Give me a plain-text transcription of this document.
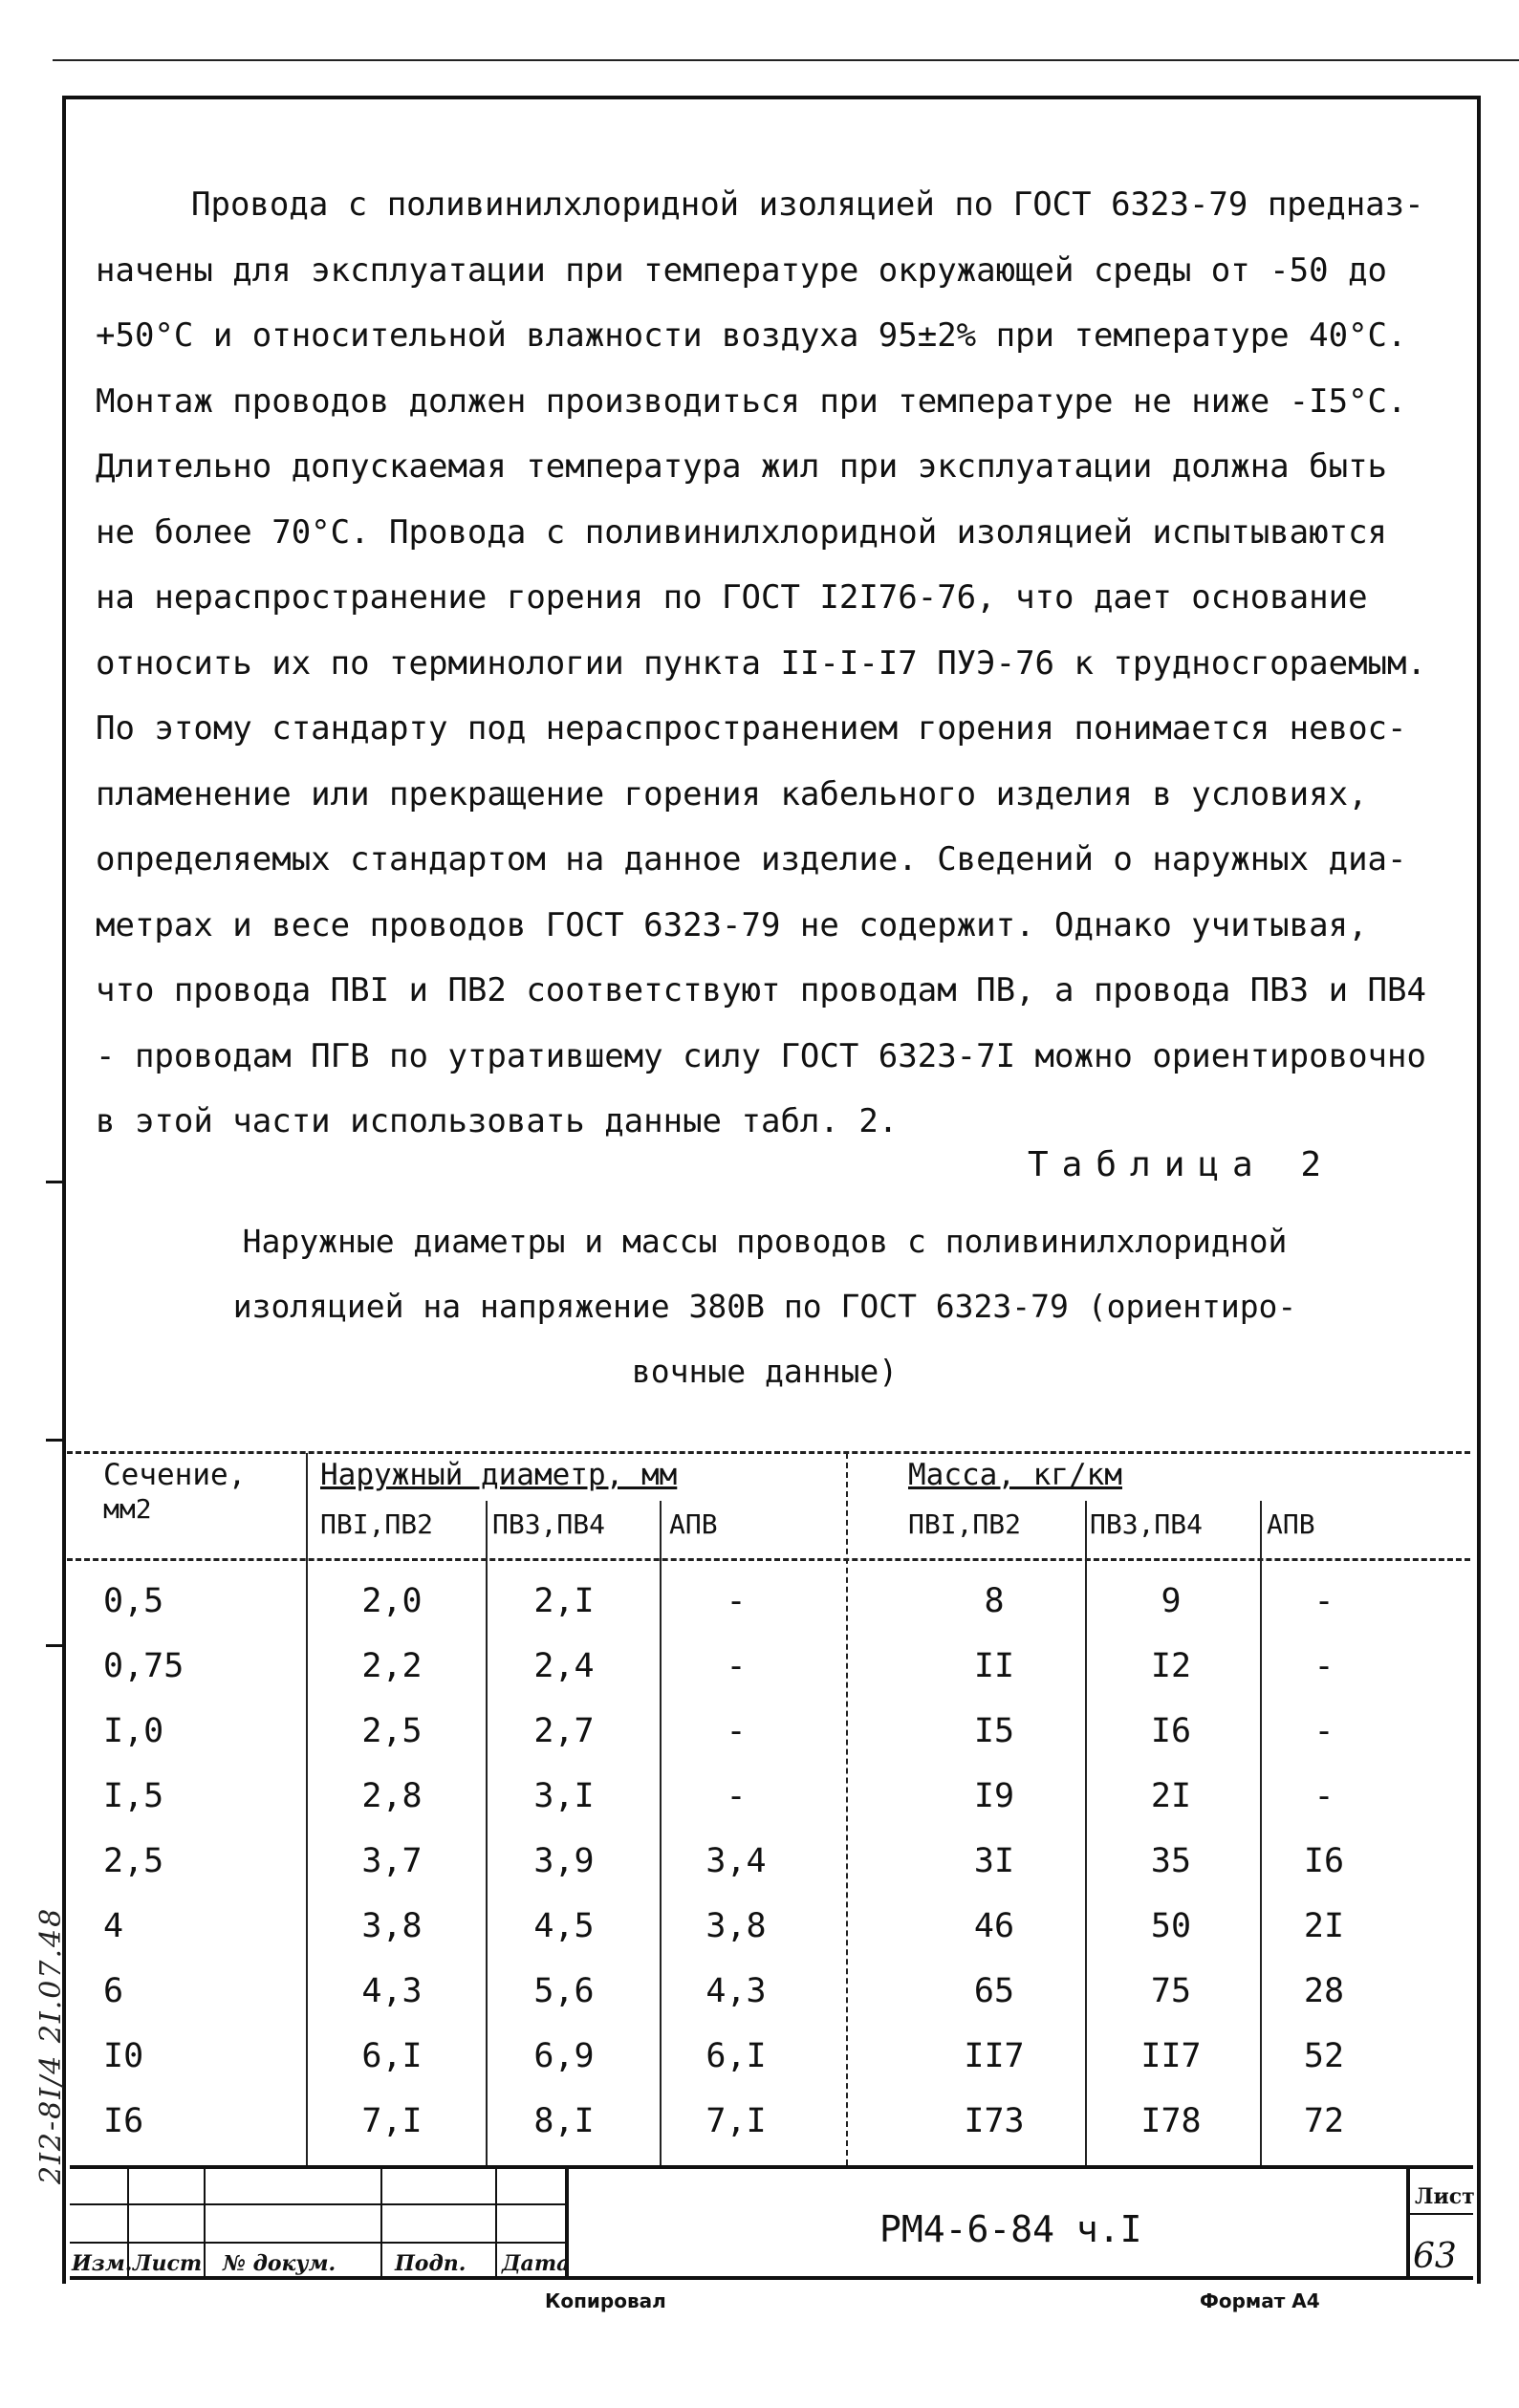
2I2-8I/4 2I.07.48
Провода с поливинилхлоридной изоляцией по ГОСТ 6323-79 предназ-
начены для эксплуатации при температуре окружающей среды от -50 до
+50°С и относительной влажности воздуха 95±2% при температуре 40°С.
Монтаж проводов должен производиться при температуре не ниже -I5°С.
Длительно допускаемая температура жил при эксплуатации должна быть
не более 70°С. Провода с поливинилхлоридной изоляцией испытываются
на нераспространение горения по ГОСТ I2I76-76, что дает основание
относить их по терминологии пункта II-I-I7 ПУЭ-76 к трудносгораемым.
По этому стандарту под нераспространением горения понимается невос-
пламенение или прекращение горения кабельного изделия в условиях,
определяемых стандартом на данное изделие. Сведений о наружных диа-
метрах и весе проводов ГОСТ 6323-79 не содержит. Однако учитывая,
что провода ПВI и ПВ2 соответствуют проводам ПВ, а провода ПВ3 и ПВ4
- проводам ПГВ по утратившему силу ГОСТ 6323-7I можно ориентировочно
в этой части использовать данные табл. 2.
Таблица 2
Наружные диаметры и массы проводов с поливинилхлоридной
изоляцией на напряжение 380В по ГОСТ 6323-79 (ориентиро-
вочные данные)
Сечение,
мм2
Наружный диаметр, мм	Масса, кг/км
ПВI,ПВ2 ПВ3,ПВ4 АПВ	ПВI,ПВ2	ПВ3,ПВ4 АПВ
0,5	2,0	2,I	-	8	9	-
0,75	2,2	2,4	-	II	I2	-
I,0	2,5	2,7	-	I5	I6	-
I,5	2,8	3,I	-	I9	2I	-
2,5	3,7	3,9	3,4	3I	35	I6
4	3,8	4,5	3,8	46	50	2I
6	4,3	5,6	4,3	65	75	28
I0	6,I	6,9	6,I	II7	II7	52
I6	7,I	8,I	7,I	I73	I78	72
Изм. Лист № докум.	Подп. Дата
РМ4-6-84 ч.I
Лист
63
Копировал	Формат А4
